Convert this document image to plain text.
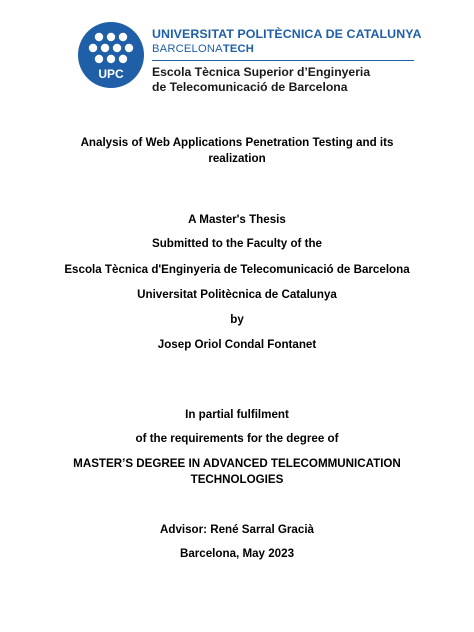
UPC
UNIVERSITAT POLITÈCNICA DE CATALUNYA
BARCELONATECH
Escola Tècnica Superior d’Enginyeria
de Telecomunicació de Barcelona
Analysis of Web Applications Penetration Testing and its
realization
A Master's Thesis
Submitted to the Faculty of the
Escola Tècnica d'Enginyeria de Telecomunicació de Barcelona
Universitat Politècnica de Catalunya
by
Josep Oriol Condal Fontanet
In partial fulfilment
of the requirements for the degree of
MASTER’S DEGREE IN ADVANCED TELECOMMUNICATION
TECHNOLOGIES
Advisor: René Sarral Gracià
Barcelona, May 2023
